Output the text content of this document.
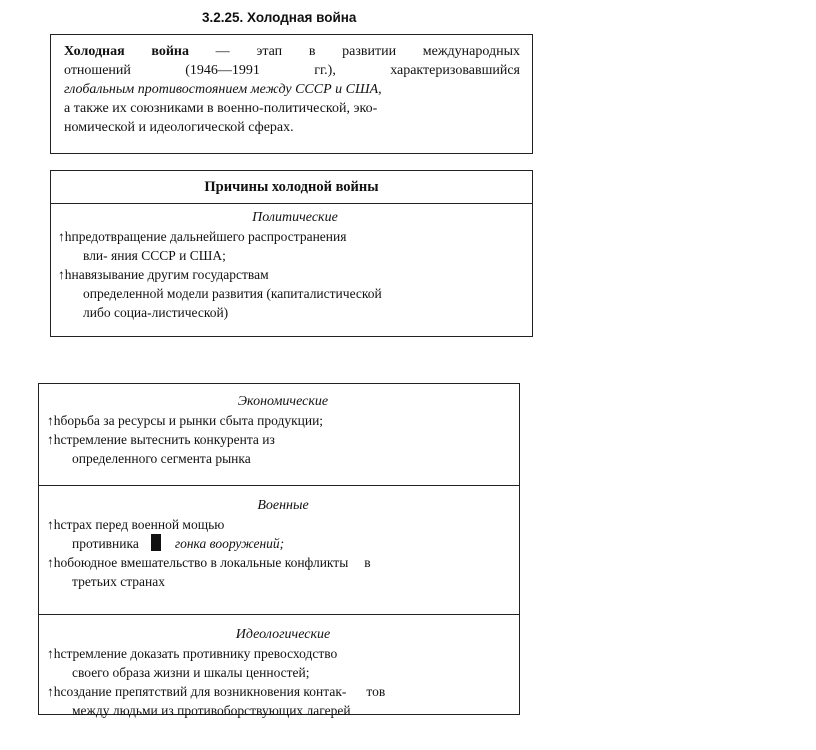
3.2.25. Холодная война

Холодная война — этап в развитии международных

отношений (1946—1991 гг.), характеризовавшийся

глобальным противостоянием между СССР и США,

а также их союзниками в военно-политической, эко-

номической и идеологической сферах.

Причины холодной войны
Политические
↑hпредотвращение дальнейшего распространения
вли- яния СССР и США;
↑hнавязывание другим государствам
определенной модели развития (капиталистической
либо социа-листической)
Экономические
↑hборьба за ресурсы и рынки сбыта продукции;
↑hстремление вытеснить конкурента из
определенного сегмента рынка
Военные
↑hстрах перед военной мощью
противника	гонка вооружений;
↑hобоюдное вмешательство в локальные конфликты в
третьих странах
Идеологические
↑hстремление доказать противнику превосходство
своего образа жизни и шкалы ценностей;
↑hсоздание препятствий для возникновения контак- тов
между людьми из противоборствующих лагерей
